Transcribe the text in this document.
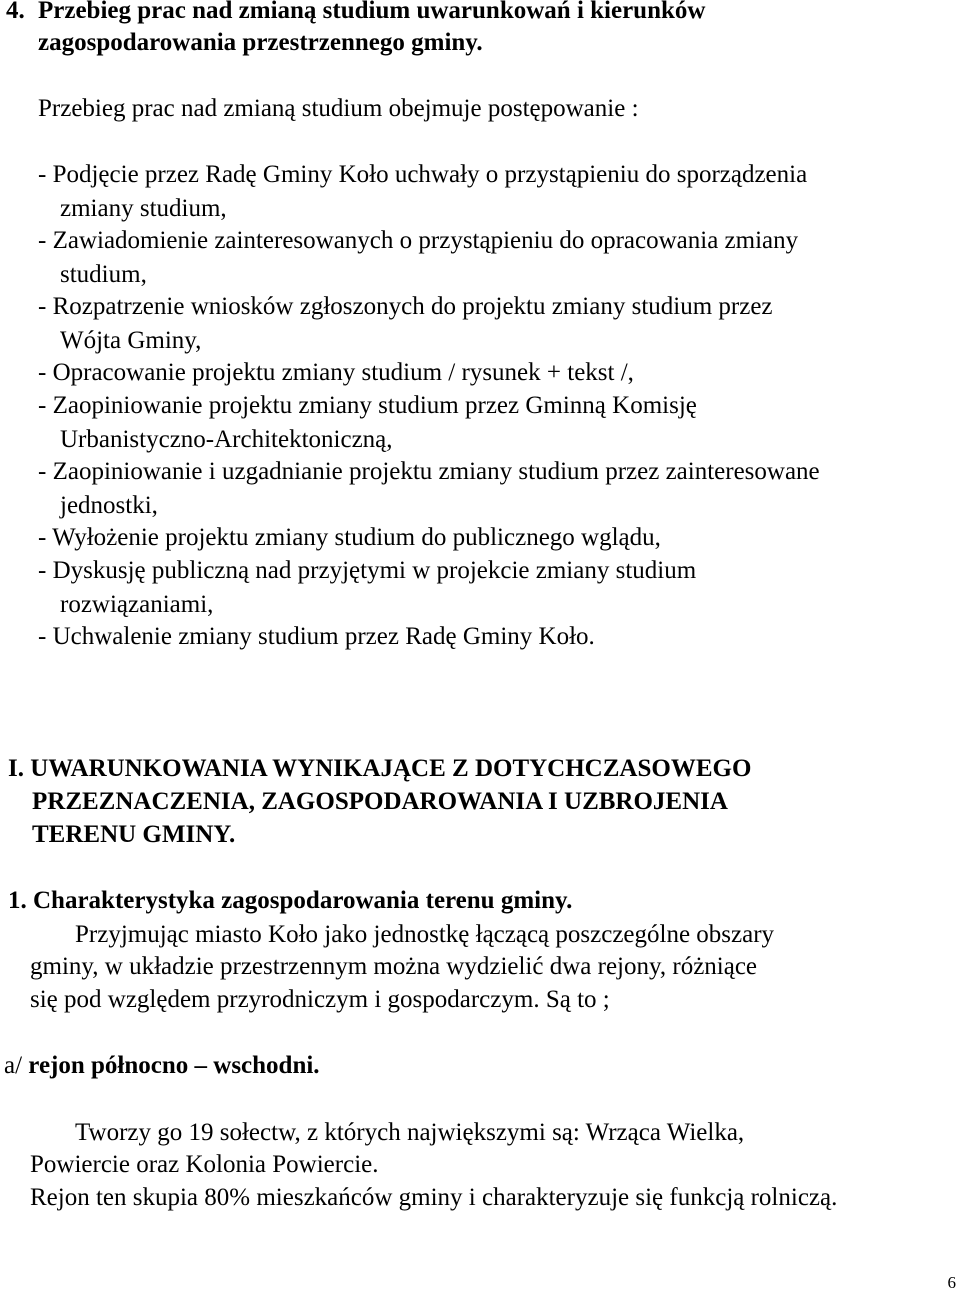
4. Przebieg prac nad zmianą studium uwarunkowań i kierunków
zagospodarowania przestrzennego gminy.
Przebieg prac nad zmianą studium obejmuje postępowanie :
- Podjęcie przez Radę Gminy Koło uchwały o przystąpieniu do sporządzenia
zmiany studium,
- Zawiadomienie zainteresowanych o przystąpieniu do opracowania zmiany
studium,
- Rozpatrzenie wniosków zgłoszonych do projektu zmiany studium przez
Wójta Gminy,
- Opracowanie projektu zmiany studium / rysunek + tekst /,
- Zaopiniowanie projektu zmiany studium przez Gminną Komisję
Urbanistyczno-Architektoniczną,
- Zaopiniowanie i uzgadnianie projektu zmiany studium przez zainteresowane
jednostki,
- Wyłożenie projektu zmiany studium do publicznego wglądu,
- Dyskusję publiczną nad przyjętymi w projekcie zmiany studium
rozwiązaniami,
- Uchwalenie zmiany studium przez Radę Gminy Koło.
I. UWARUNKOWANIA WYNIKAJĄCE Z DOTYCHCZASOWEGO
PRZEZNACZENIA, ZAGOSPODAROWANIA I UZBROJENIA
TERENU GMINY.
1. Charakterystyka zagospodarowania terenu gminy.
Przyjmując miasto Koło jako jednostkę łączącą poszczególne obszary
gminy, w układzie przestrzennym można wydzielić dwa rejony, różniące
się pod względem przyrodniczym i gospodarczym. Są to ;
a/ rejon północno – wschodni.
Tworzy go 19 sołectw, z których największymi są: Wrząca Wielka,
Powiercie oraz Kolonia Powiercie.
Rejon ten skupia 80% mieszkańców gminy i charakteryzuje się funkcją rolniczą.
6
